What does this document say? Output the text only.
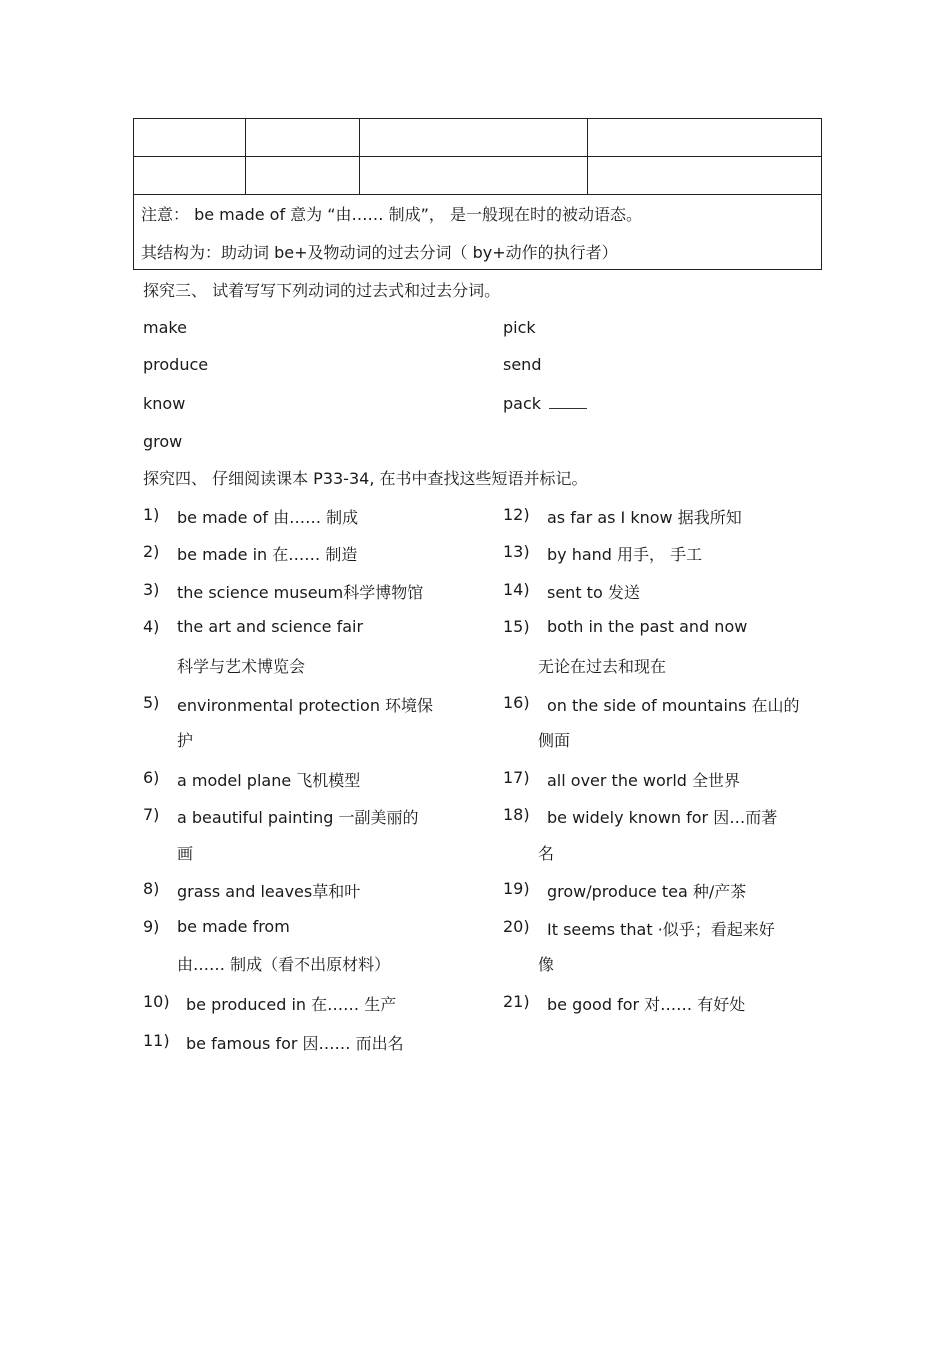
注意： be made of 意为 “由…… 制成”， 是一般现在时的被动语态。
其结构为：助动词 be+及物动词的过去分词（ by+动作的执行者）
探究三、 试着写写下列动词的过去式和过去分词。
make
produce
know
grow
pick
send
pack
探究四、 仔细阅读课本 P33-34, 在书中查找这些短语并标记。
1) be made of 由…… 制成
2) be made in 在…… 制造
3) the science museum科学博物馆
4) the art and science fair
科学与艺术博览会
5) environmental protection 环境保
护
6) a model plane 飞机模型
7) a beautiful painting 一副美丽的
画
8) grass and leaves草和叶
9) be made from
由…… 制成（看不出原材料）
10) be produced in 在…… 生产
11) be famous for 因…… 而出名
12) as far as I know 据我所知
13) by hand 用手， 手工
14) sent to 发送
15) both in the past and now
无论在过去和现在
16) on the side of mountains 在山的
侧面
17) all over the world 全世界
18) be widely known for 因…而著
名
19) grow/produce tea 种/产茶
20) It seems that ·似乎；看起来好
像
21) be good for 对…… 有好处
